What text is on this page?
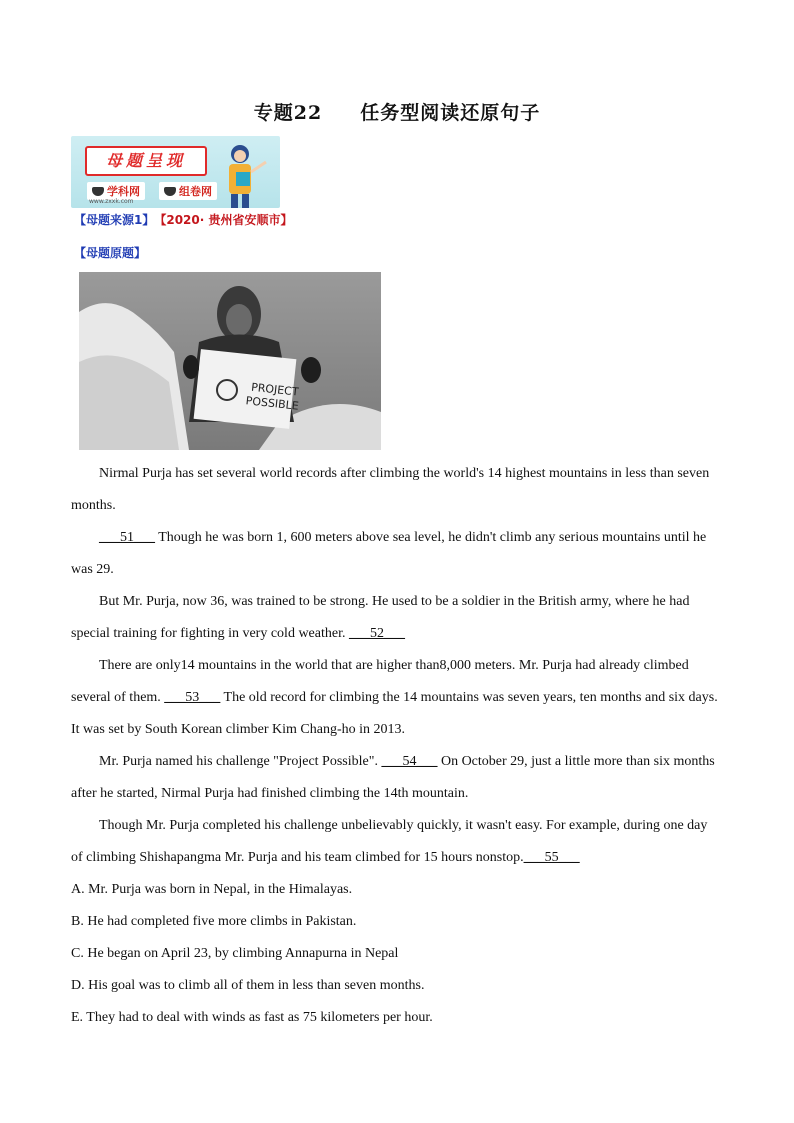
专题22 任务型阅读还原句子
母题呈现
学科网	组卷网
www.zxxk.com
【母题来源1】 【2020· 贵州省安顺市】
【母题原题】
PROJECT
POSSIBLE

Nirmal Purja has set several world records after climbing the world's 14 highest mountains in less than seven months.

___51___ Though he was born 1, 600 meters above sea level, he didn't climb any serious mountains until he was 29.

But Mr. Purja, now 36, was trained to be strong. He used to be a soldier in the British army, where he had special training for fighting in very cold weather. ___52___

There are only14 mountains in the world that are higher than8,000 meters. Mr. Purja had already climbed several of them. ___53___ The old record for climbing the 14 mountains was seven years, ten months and six days. It was set by South Korean climber Kim Chang-ho in 2013.

Mr. Purja named his challenge "Project Possible". ___54___ On October 29, just a little more than six months after he started, Nirmal Purja had finished climbing the 14th mountain.

Though Mr. Purja completed his challenge unbelievably quickly, it wasn't easy. For example, during one day of climbing Shishapangma Mr. Purja and his team climbed for 15 hours nonstop.___55___

A. Mr. Purja was born in Nepal, in the Himalayas.

B. He had completed five more climbs in Pakistan.

C. He began on April 23, by climbing Annapurna in Nepal

D. His goal was to climb all of them in less than seven months.

E. They had to deal with winds as fast as 75 kilometers per hour.
